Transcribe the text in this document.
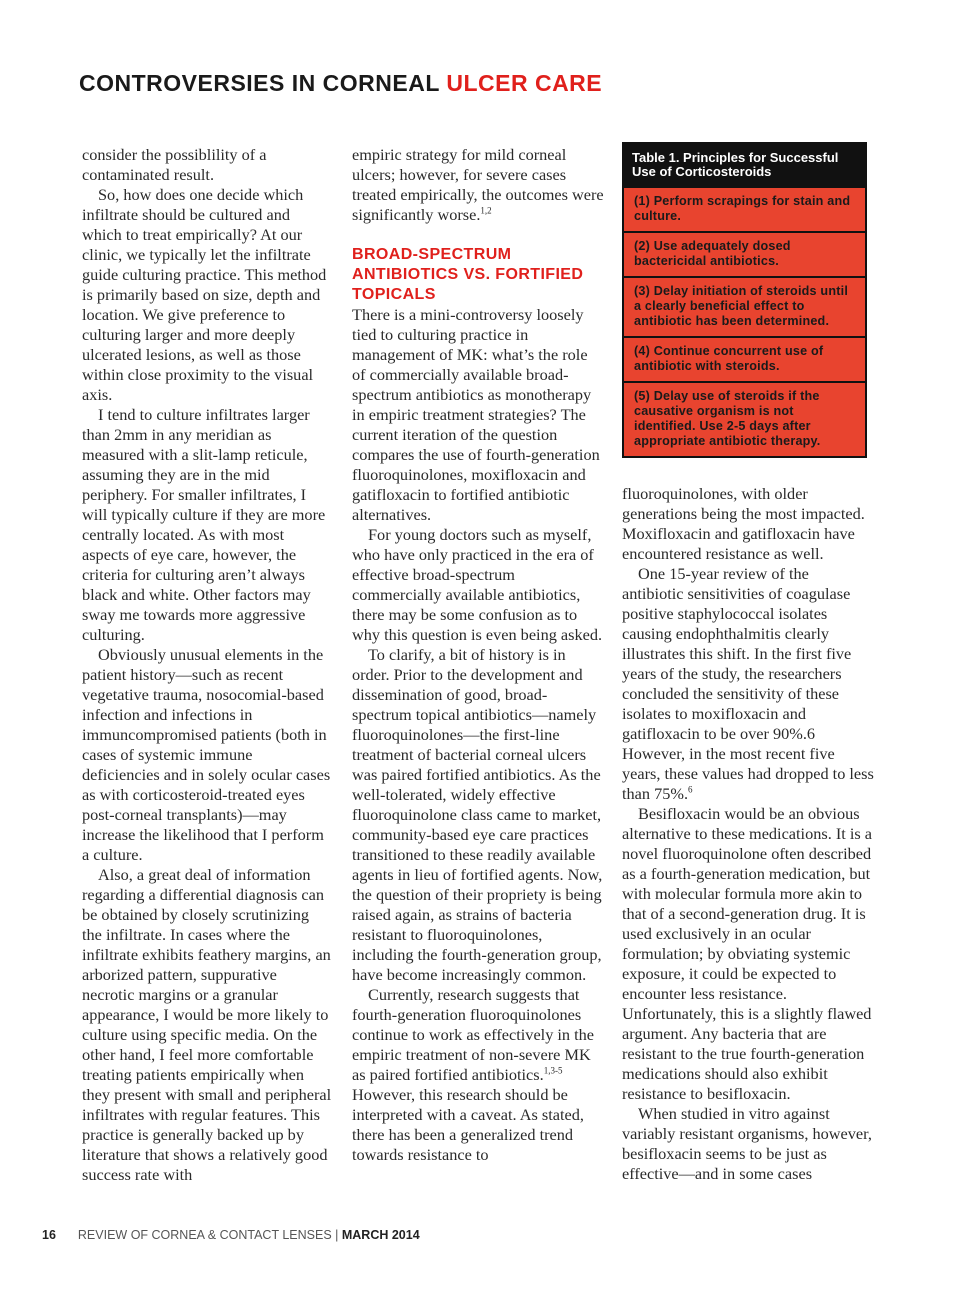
CONTROVERSIES IN CORNEAL ULCER CARE

consider the possiblility of a contaminated result.

So, how does one decide which infiltrate should be cultured and which to treat empirically? At our clinic, we typically let the infiltrate guide culturing practice. This method is primarily based on size, depth and location. We give preference to culturing larger and more deeply ulcerated lesions, as well as those within close proximity to the visual axis.

I tend to culture infiltrates larger than 2mm in any meridian as measured with a slit-lamp reticule, assuming they are in the mid periphery. For smaller infiltrates, I will typically culture if they are more centrally located. As with most aspects of eye care, however, the criteria for culturing aren’t always black and white. Other factors may sway me towards more aggressive culturing.

Obviously unusual elements in the patient history—such as recent vegetative trauma, nosocomial-based infection and infections in immuncompromised patients (both in cases of systemic immune deficiencies and in solely ocular cases as with corticosteroid-treated eyes post-corneal transplants)—may increase the likelihood that I perform a culture.

Also, a great deal of information regarding a differential diagnosis can be obtained by closely scrutinizing the infiltrate. In cases where the infiltrate exhibits feathery margins, an arborized pattern, suppurative necrotic margins or a granular appearance, I would be more likely to culture using specific media. On the other hand, I feel more comfortable treating patients empirically when they present with small and peripheral infiltrates with regular features. This practice is generally backed up by literature that shows a relatively good success rate with

empiric strategy for mild corneal ulcers; however, for severe cases treated empirically, the outcomes were significantly worse.$^{1,2}$

BROAD-SPECTRUM ANTIBIOTICS VS. FORTIFIED TOPICALS

There is a mini-controversy loosely tied to culturing practice in management of MK: what’s the role of commercially available broad-spectrum antibiotics as monotherapy in empiric treatment strategies? The current iteration of the question compares the use of fourth-generation fluoroquinolones, moxifloxacin and gatifloxacin to fortified antibiotic alternatives.

For young doctors such as myself, who have only practiced in the era of effective broad-spectrum commercially available antibiotics, there may be some confusion as to why this question is even being asked.

To clarify, a bit of history is in order. Prior to the development and dissemination of good, broad-spectrum topical antibiotics—namely fluoroquinolones—the first-line treatment of bacterial corneal ulcers was paired fortified antibiotics. As the well-tolerated, widely effective fluoroquinolone class came to market, community-based eye care practices transitioned to these readily available agents in lieu of fortified agents. Now, the question of their propriety is being raised again, as strains of bacteria resistant to fluoroquinolones, including the fourth-generation group, have become increasingly common.

Currently, research suggests that fourth-generation fluoroquinolones continue to work as effectively in the empiric treatment of non-severe MK as paired fortified antibiotics.$^{1,3-5}$ However, this research should be interpreted with a caveat. As stated, there has been a generalized trend towards resistance to

Table 1. Principles for Successful Use of Corticosteroids
(1) Perform scrapings for stain and culture.
(2) Use adequately dosed bactericidal antibiotics.
(3) Delay initiation of steroids until a clearly beneficial effect to antibiotic has been determined.
(4) Continue concurrent use of antibiotic with steroids.
(5) Delay use of steroids if the causative organism is not identified. Use 2-5 days after appropriate antibiotic therapy.

fluoroquinolones, with older generations being the most impacted. Moxifloxacin and gatifloxacin have encountered resistance as well.

One 15-year review of the antibiotic sensitivities of coagulase positive staphylococcal isolates causing endophthalmitis clearly illustrates this shift. In the first five years of the study, the researchers concluded the sensitivity of these isolates to moxifloxacin and gatifloxacin to be over 90%.6 However, in the most recent five years, these values had dropped to less than 75%.$^6$

Besifloxacin would be an obvious alternative to these medications. It is a novel fluoroquinolone often described as a fourth-generation medication, but with molecular formula more akin to that of a second-generation drug. It is used exclusively in an ocular formulation; by obviating systemic exposure, it could be expected to encounter less resistance. Unfortunately, this is a slightly flawed argument. Any bacteria that are resistant to the true fourth-generation medications should also exhibit resistance to besifloxacin.

When studied in vitro against variably resistant organisms, however, besifloxacin seems to be just as effective—and in some cases

16 REVIEW OF CORNEA & CONTACT LENSES | MARCH 2014
